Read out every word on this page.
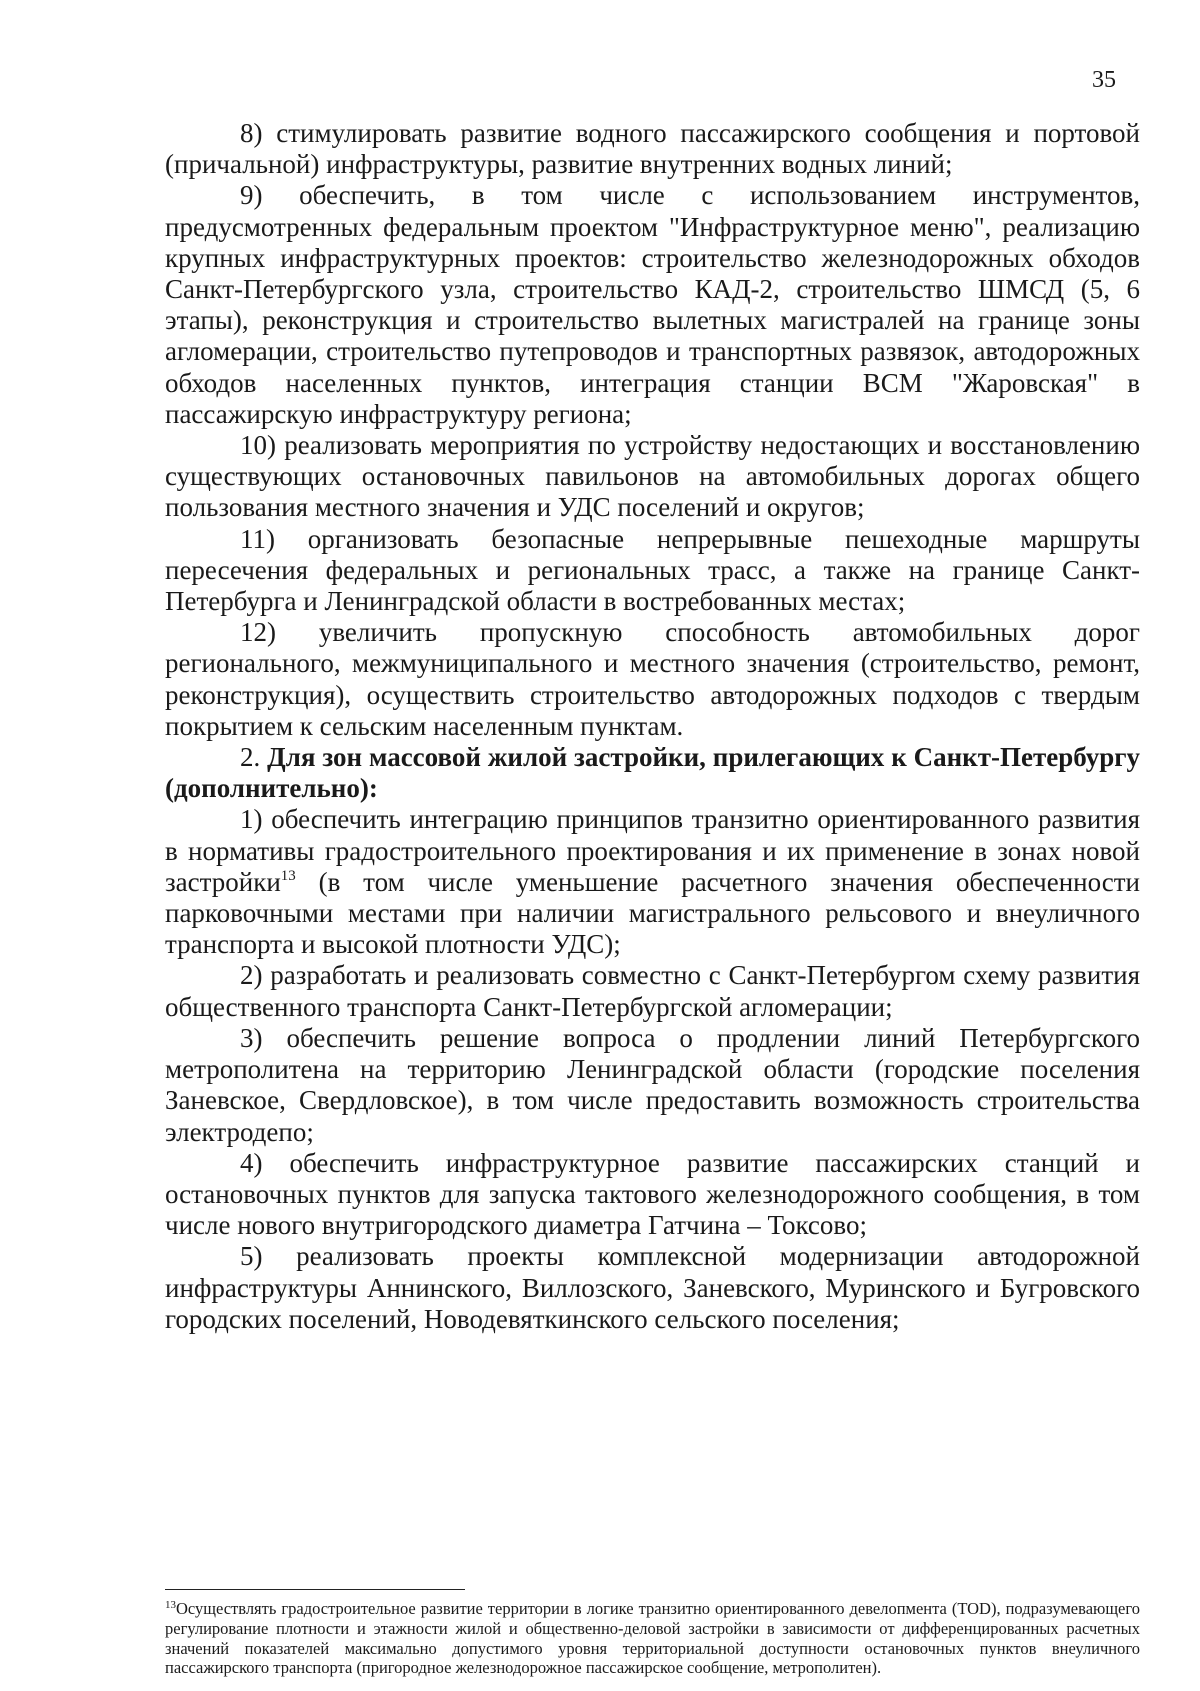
35

8) стимулировать развитие водного пассажирского сообщения и портовой (причальной) инфраструктуры, развитие внутренних водных линий;

9) обеспечить, в том числе с использованием инструментов, предусмотренных федеральным проектом "Инфраструктурное меню", реализацию крупных инфраструктурных проектов: строительство железнодорожных обходов Санкт-Петербургского узла, строительство КАД-2, строительство ШМСД (5, 6 этапы), реконструкция и строительство вылетных магистралей на границе зоны агломерации, строительство путепроводов и транспортных развязок, автодорожных обходов населенных пунктов, интеграция станции ВСМ "Жаровская" в пассажирскую инфраструктуру региона;

10) реализовать мероприятия по устройству недостающих и восстановлению существующих остановочных павильонов на автомобильных дорогах общего пользования местного значения и УДС поселений и округов;

11) организовать безопасные непрерывные пешеходные маршруты пересечения федеральных и региональных трасс, а также на границе Санкт-Петербурга и Ленинградской области в востребованных местах;

12) увеличить пропускную способность автомобильных дорог регионального, межмуниципального и местного значения (строительство, ремонт, реконструкция), осуществить строительство автодорожных подходов с твердым покрытием к сельским населенным пунктам.

2. Для зон массовой жилой застройки, прилегающих к Санкт-Петербургу (дополнительно):

1) обеспечить интеграцию принципов транзитно ориентированного развития в нормативы градостроительного проектирования и их применение в зонах новой застройки$^{13}$ (в том числе уменьшение расчетного значения обеспеченности парковочными местами при наличии магистрального рельсового и внеуличного транспорта и высокой плотности УДС);

2) разработать и реализовать совместно с Санкт-Петербургом схему развития общественного транспорта Санкт-Петербургской агломерации;

3) обеспечить решение вопроса о продлении линий Петербургского метрополитена на территорию Ленинградской области (городские поселения Заневское, Свердловское), в том числе предоставить возможность строительства электродепо;

4) обеспечить инфраструктурное развитие пассажирских станций и остановочных пунктов для запуска тактового железнодорожного сообщения, в том числе нового внутригородского диаметра Гатчина – Токсово;

5) реализовать проекты комплексной модернизации автодорожной инфраструктуры Аннинского, Виллозского, Заневского, Муринского и Бугровского городских поселений, Новодевяткинского сельского поселения;

$^{13}$Осуществлять градостроительное развитие территории в логике транзитно ориентированного девелопмента (TOD), подразумевающего регулирование плотности и этажности жилой и общественно-деловой застройки в зависимости от дифференцированных расчетных значений показателей максимально допустимого уровня территориальной доступности остановочных пунктов внеуличного пассажирского транспорта (пригородное железнодорожное пассажирское сообщение, метрополитен).
